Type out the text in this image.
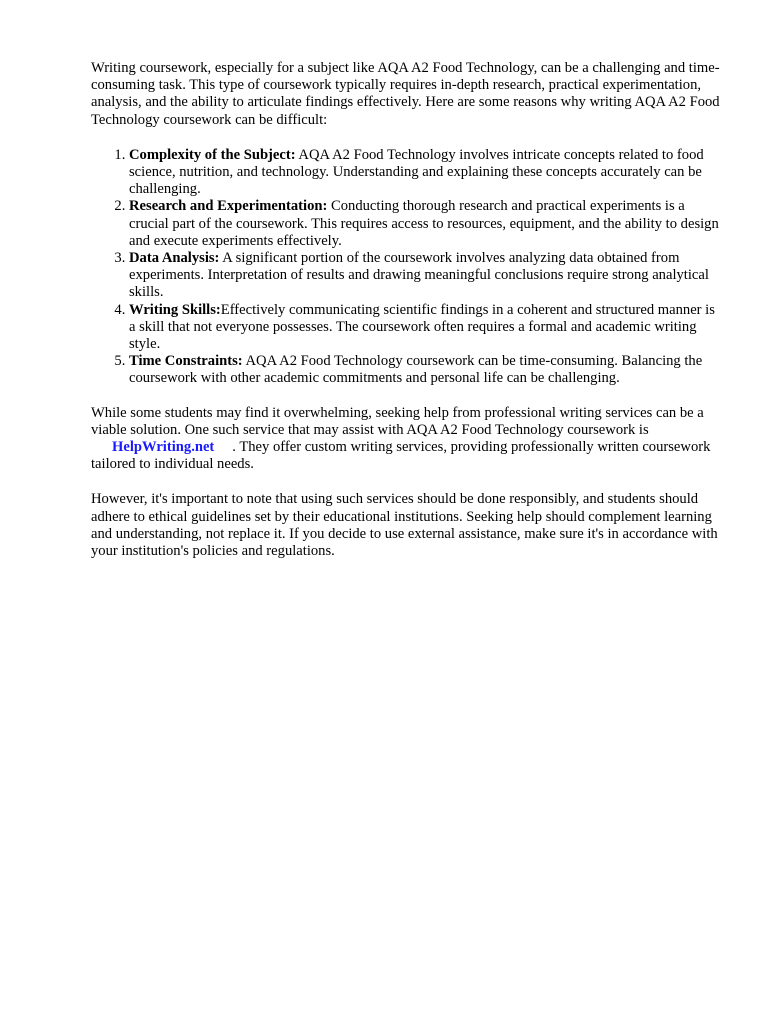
Writing coursework, especially for a subject like AQA A2 Food Technology, can be a challenging and time-consuming task. This type of coursework typically requires in-depth research, practical experimentation, analysis, and the ability to articulate findings effectively. Here are some reasons why writing AQA A2 Food Technology coursework can be difficult:

1. Complexity of the Subject: AQA A2 Food Technology involves intricate concepts related to food science, nutrition, and technology. Understanding and explaining these concepts accurately can be challenging.
2. Research and Experimentation: Conducting thorough research and practical experiments is a crucial part of the coursework. This requires access to resources, equipment, and the ability to design and execute experiments effectively.
3. Data Analysis: A significant portion of the coursework involves analyzing data obtained from experiments. Interpretation of results and drawing meaningful conclusions require strong analytical skills.
4. Writing Skills:Effectively communicating scientific findings in a coherent and structured manner is a skill that not everyone possesses. The coursework often requires a formal and academic writing style.
5. Time Constraints: AQA A2 Food Technology coursework can be time-consuming. Balancing the coursework with other academic commitments and personal life can be challenging.

While some students may find it overwhelming, seeking help from professional writing services can be a viable solution. One such service that may assist with AQA A2 Food Technology coursework is
HelpWriting.net . They offer custom writing services, providing professionally written coursework tailored to individual needs.

However, it's important to note that using such services should be done responsibly, and students should adhere to ethical guidelines set by their educational institutions. Seeking help should complement learning and understanding, not replace it. If you decide to use external assistance, make sure it's in accordance with your institution's policies and regulations.
